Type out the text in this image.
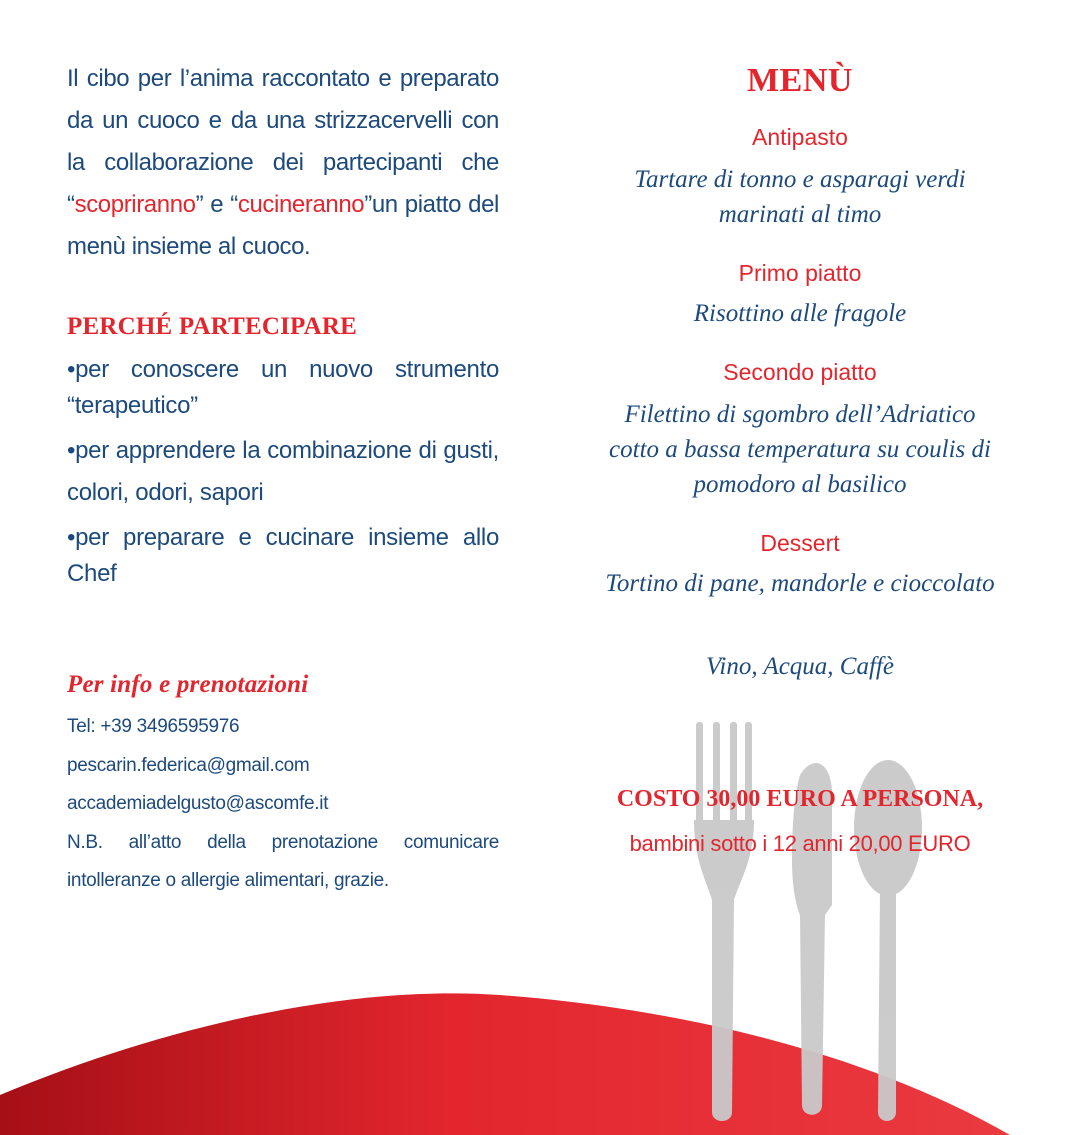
Il cibo per l’anima raccontato e preparato da un cuoco e da una strizzacervelli con la collaborazione dei partecipanti che “scopriranno” e “cucineranno”un piatto del menù insieme al cuoco.

PERCHÉ PARTECIPARE
•per conoscere un nuovo strumento “terapeutico”
•per apprendere la combinazione di gusti, colori, odori, sapori
•per preparare e cucinare insieme allo Chef
Per info e prenotazioni
Tel: +39 3496595976
pescarin.federica@gmail.com
accademiadelgusto@ascomfe.it
N.B. all’atto della prenotazione comunicare
intolleranze o allergie alimentari, grazie.
MENÙ
Antipasto
Tartare di tonno e asparagi verdi
marinati al timo
Primo piatto
Risottino alle fragole
Secondo piatto
Filettino di sgombro dell’Adriatico
cotto a bassa temperatura su coulis di
pomodoro al basilico
Dessert
Tortino di pane, mandorle e cioccolato
Vino, Acqua, Caffè
COSTO 30,00 EURO A PERSONA,
bambini sotto i 12 anni 20,00 EURO
